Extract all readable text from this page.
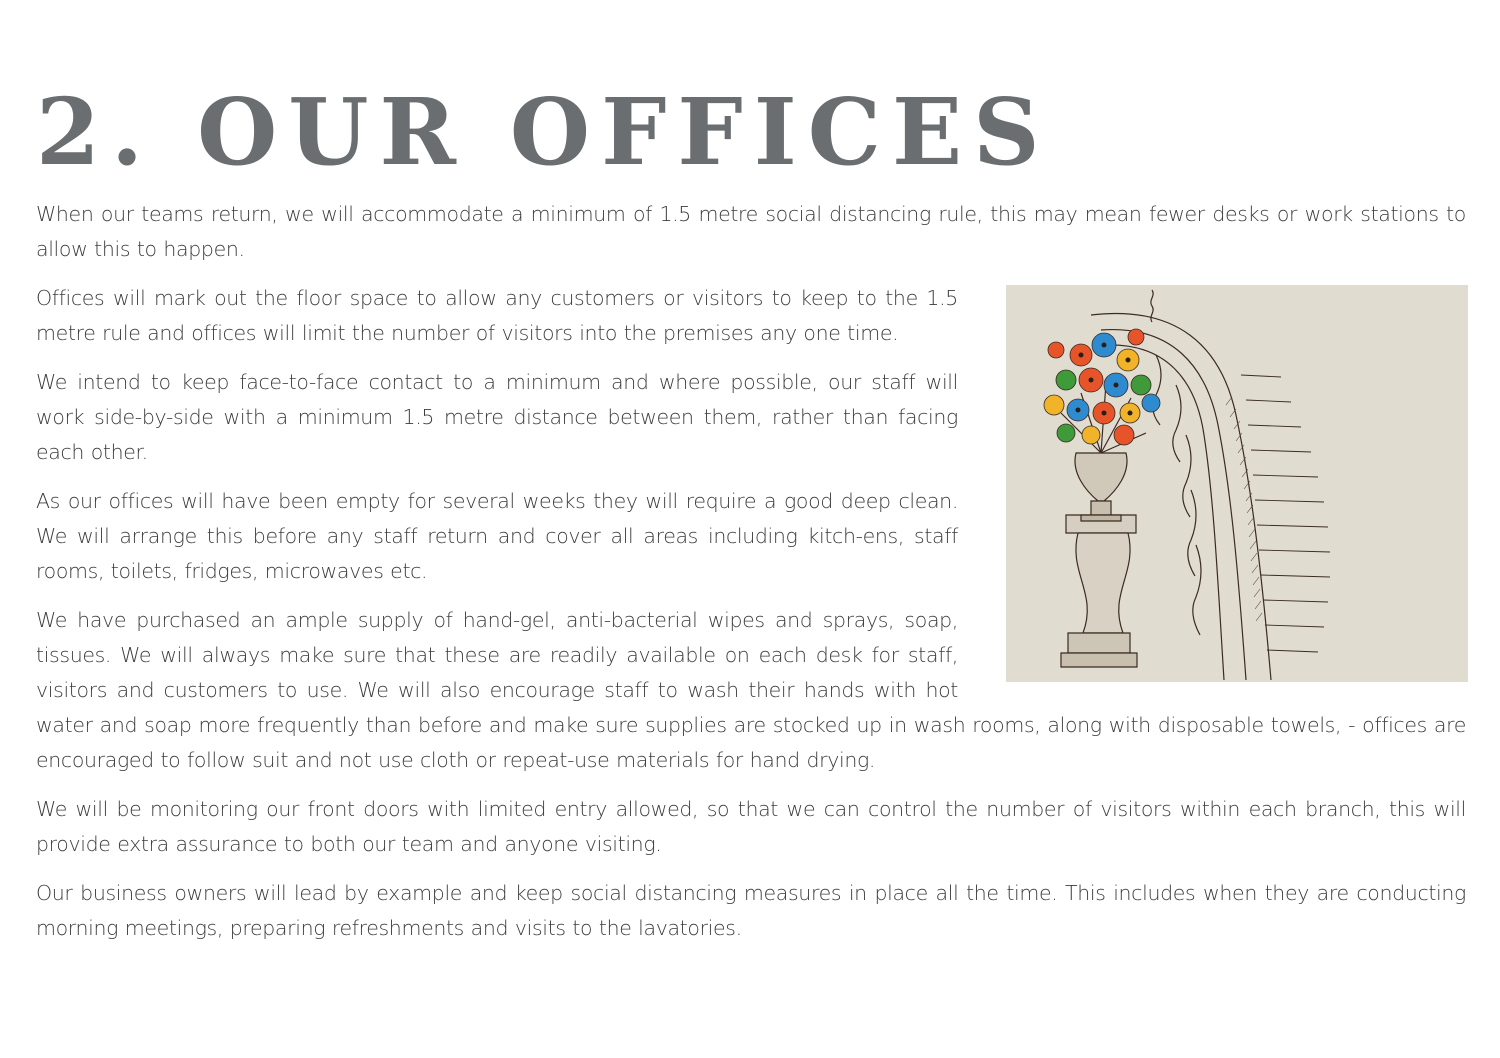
2. OUR OFFICES

When our teams return, we will accommodate a minimum of 1.5 metre social distancing rule, this may mean fewer desks or work stations to allow this to happen.

Offices will mark out the floor space to allow any customers or visitors to keep to the 1.5 metre rule and offices will limit the number of visitors into the premises any one time.

We intend to keep face-to-face contact to a minimum and where possible, our staff will work side-by-side with a minimum 1.5 metre distance between them, rather than facing each other.

As our offices will have been empty for several weeks they will require a good deep clean. We will arrange this before any staff return and cover all areas including kitch-ens, staff rooms, toilets, fridges, microwaves etc.

We have purchased an ample supply of hand-gel, anti-bacterial wipes and sprays, soap, tissues. We will always make sure that these are readily available on each desk for staff, visitors and customers to use. We will also encourage staff to wash their hands with hot water and soap more frequently than before and make sure supplies are stocked up in wash rooms, along with disposable towels, - offices are encouraged to follow suit and not use cloth or repeat-use materials for hand drying.

We will be monitoring our front doors with limited entry allowed, so that we can control the number of visitors within each branch, this will provide extra assurance to both our team and anyone visiting.

Our business owners will lead by example and keep social distancing measures in place all the time. This includes when they are conducting morning meetings, preparing refreshments and visits to the lavatories.
